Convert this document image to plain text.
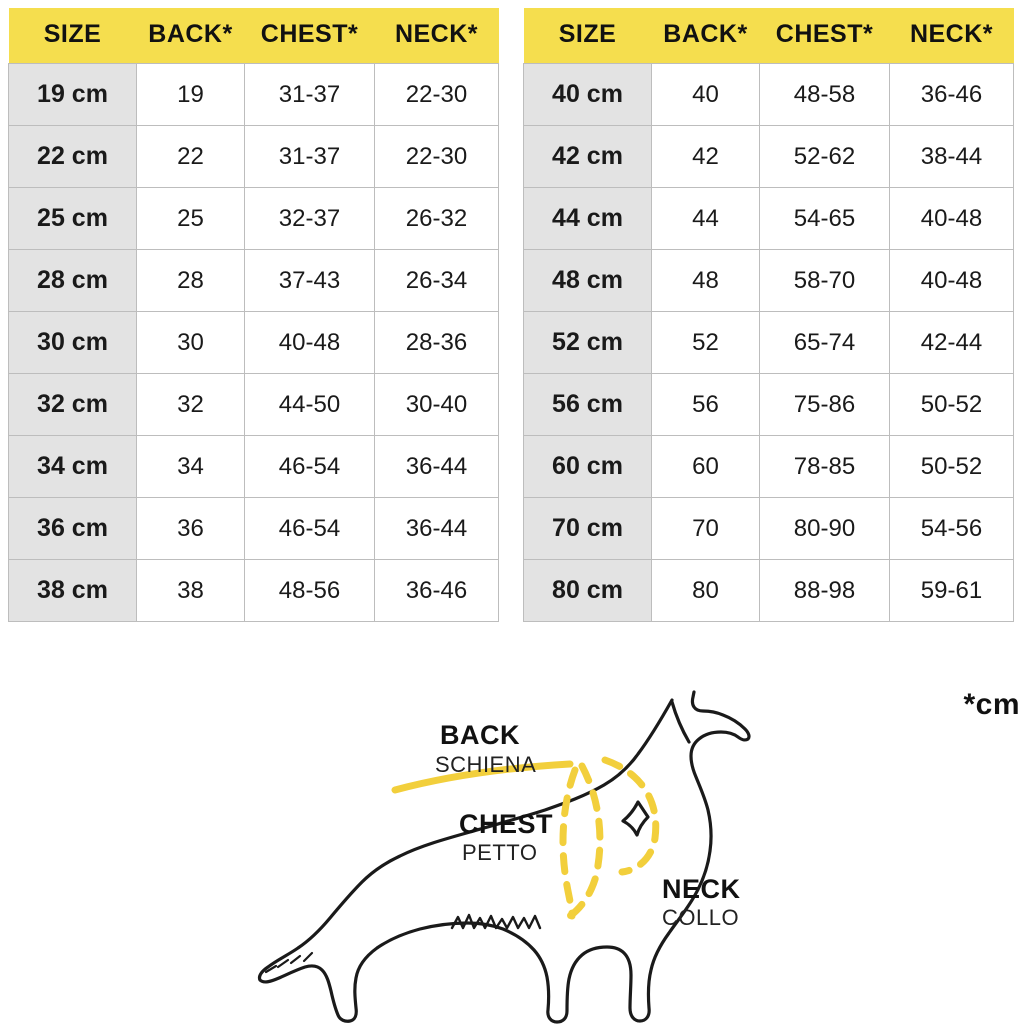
SIZE	BACK*	CHEST*	NECK*
19 cm	19	31-37	22-30
22 cm	22	31-37	22-30
25 cm	25	32-37	26-32
28 cm	28	37-43	26-34
30 cm	30	40-48	28-36
32 cm	32	44-50	30-40
34 cm	34	46-54	36-44
36 cm	36	46-54	36-44
38 cm	38	48-56	36-46
SIZE	BACK*	CHEST*	NECK*
40 cm	40	48-58	36-46
42 cm	42	52-62	38-44
44 cm	44	54-65	40-48
48 cm	48	58-70	40-48
52 cm	52	65-74	42-44
56 cm	56	75-86	50-52
60 cm	60	78-85	50-52
70 cm	70	80-90	54-56
80 cm	80	88-98	59-61
*cm
BACK
SCHIENA
CHEST
PETTO
NECK
COLLO
